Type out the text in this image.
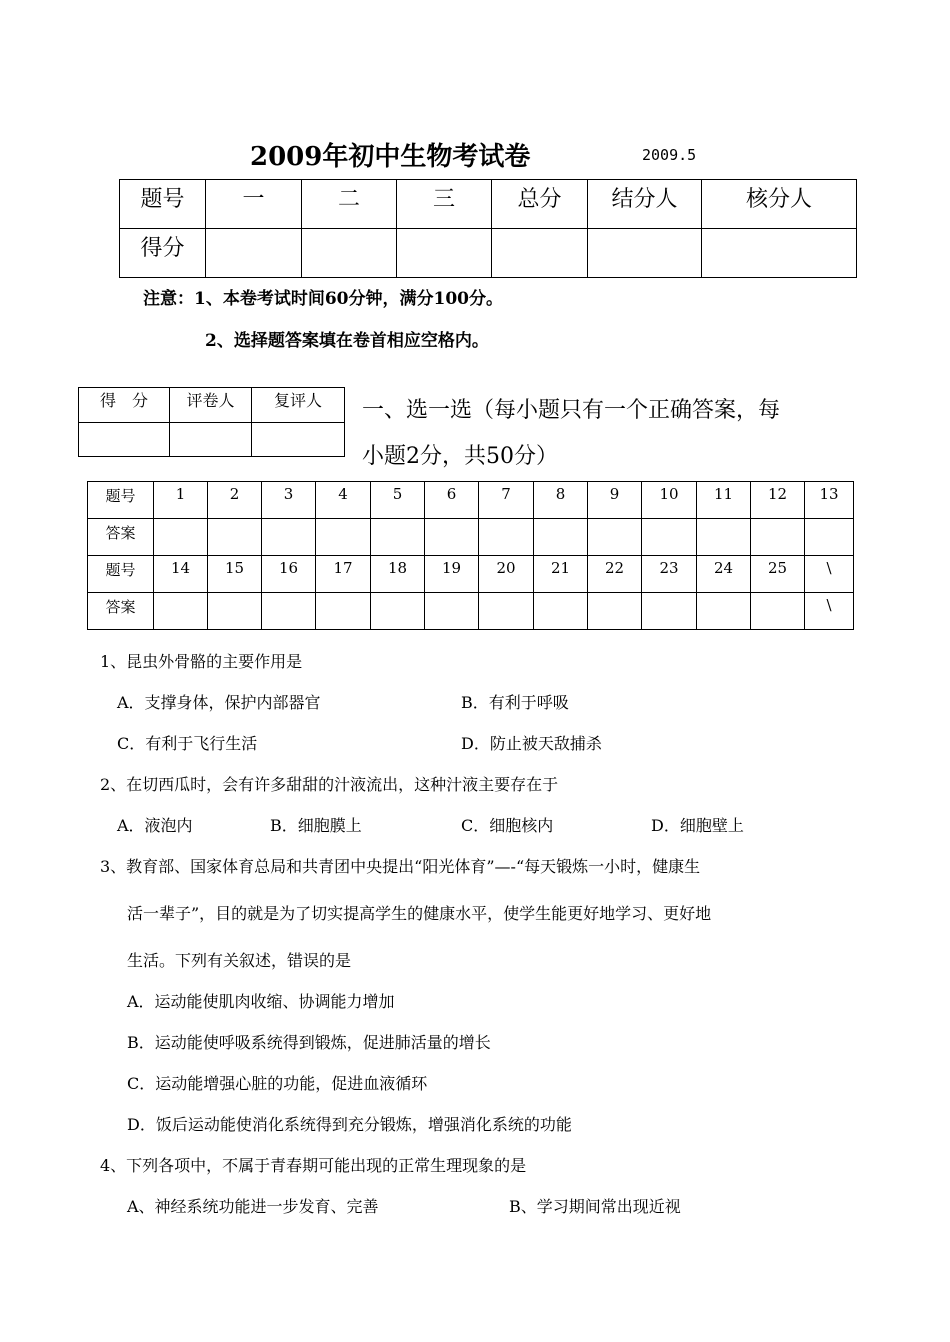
2009年初中生物考试卷	2009.5
题号	一	二	三	总分	结分人	核分人
得分						
注意：1、本卷考试时间60分钟，满分100分。
2、选择题答案填在卷首相应空格内。
得　分	评卷人	复评人
		一、选一选（每小题只有一个正确答案，每
小题2分，共50分）
题号	1	2	3	4	5	6	7	8	9	10	11	12	13
答案													
题号	14	15	16	17	18	19	20	21	22	23	24	25	\
答案													\
1、昆虫外骨骼的主要作用是
A．支撑身体，保护内部器官	B．有利于呼吸
C．有利于飞行生活	D．防止被天敌捕杀
2、在切西瓜时，会有许多甜甜的汁液流出，这种汁液主要存在于
A．液泡内	B．细胞膜上	C．细胞核内	D．细胞壁上
3、教育部、国家体育总局和共青团中央提出“阳光体育”—-“每天锻炼一小时，健康生
活一辈子”，目的就是为了切实提高学生的健康水平，使学生能更好地学习、更好地
生活。下列有关叙述，错误的是
A．运动能使肌肉收缩、协调能力增加
B．运动能使呼吸系统得到锻炼，促进肺活量的增长
C．运动能增强心脏的功能，促进血液循环
D．饭后运动能使消化系统得到充分锻炼，增强消化系统的功能
4、下列各项中，不属于青春期可能出现的正常生理现象的是
A、神经系统功能进一步发育、完善	B、学习期间常出现近视
